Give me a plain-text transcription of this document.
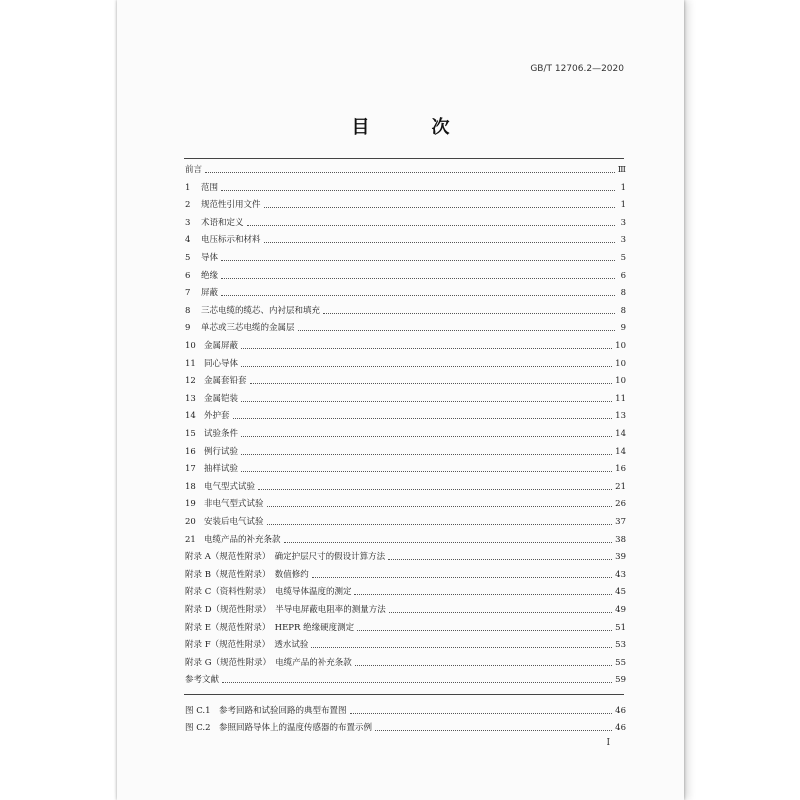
GB/T 12706.2—2020
目　次
前言	Ⅲ
1	范围	1
2	规范性引用文件	1
3	术语和定义	3
4	电压标示和材料	3
5	导体	5
6	绝缘	6
7	屏蔽	8
8	三芯电缆的缆芯、内衬层和填充	8
9	单芯或三芯电缆的金属层	9
10 金属屏蔽	10
11 同心导体	10
12 金属套铅套	10
13 金属铠装	11
14 外护套	13
15 试验条件	14
16 例行试验	14
17 抽样试验	16
18 电气型式试验	21
19 非电气型式试验	26
20 安装后电气试验	37
21 电缆产品的补充条款	38
附录 A（规范性附录）　确定护层尺寸的假设计算方法	39
附录 B（规范性附录）　数值修约	43
附录 C（资料性附录）　电缆导体温度的测定	45
附录 D（规范性附录）　半导电屏蔽电阻率的测量方法	49
附录 E（规范性附录）　HEPR 绝缘硬度测定	51
附录 F（规范性附录）　透水试验	53
附录 G（规范性附录）　电缆产品的补充条款	55
参考文献	59
图 C.1　参考回路和试验回路的典型布置图	46
图 C.2　参照回路导体上的温度传感器的布置示例	46
I
